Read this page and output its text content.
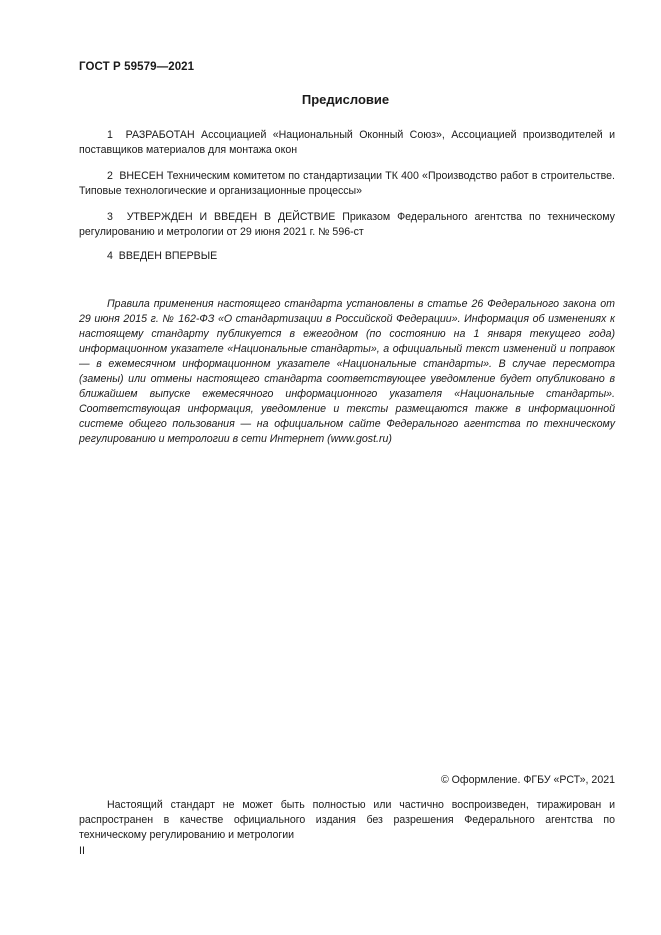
ГОСТ Р 59579—2021
Предисловие

1 РАЗРАБОТАН Ассоциацией «Национальный Оконный Союз», Ассоциацией производителей и поставщиков материалов для монтажа окон

2 ВНЕСЕН Техническим комитетом по стандартизации ТК 400 «Производство работ в строительстве. Типовые технологические и организационные процессы»

3 УТВЕРЖДЕН И ВВЕДЕН В ДЕЙСТВИЕ Приказом Федерального агентства по техническому регулированию и метрологии от 29 июня 2021 г. № 596-ст

4 ВВЕДЕН ВПЕРВЫЕ

Правила применения настоящего стандарта установлены в статье 26 Федерального закона от 29 июня 2015 г. № 162-ФЗ «О стандартизации в Российской Федерации». Информация об изменениях к настоящему стандарту публикуется в ежегодном (по состоянию на 1 января текущего года) информационном указателе «Национальные стандарты», а официальный текст изменений и поправок — в ежемесячном информационном указателе «Национальные стандарты». В случае пересмотра (замены) или отмены настоящего стандарта соответствующее уведомление будет опубликовано в ближайшем выпуске ежемесячного информационного указателя «Национальные стандарты». Соответствующая информация, уведомление и тексты размещаются также в информационной системе общего пользования — на официальном сайте Федерального агентства по техническому регулированию и метрологии в сети Интернет (www.gost.ru)

© Оформление. ФГБУ «РСТ», 2021

Настоящий стандарт не может быть полностью или частично воспроизведен, тиражирован и распространен в качестве официального издания без разрешения Федерального агентства по техническому регулированию и метрологии

II
